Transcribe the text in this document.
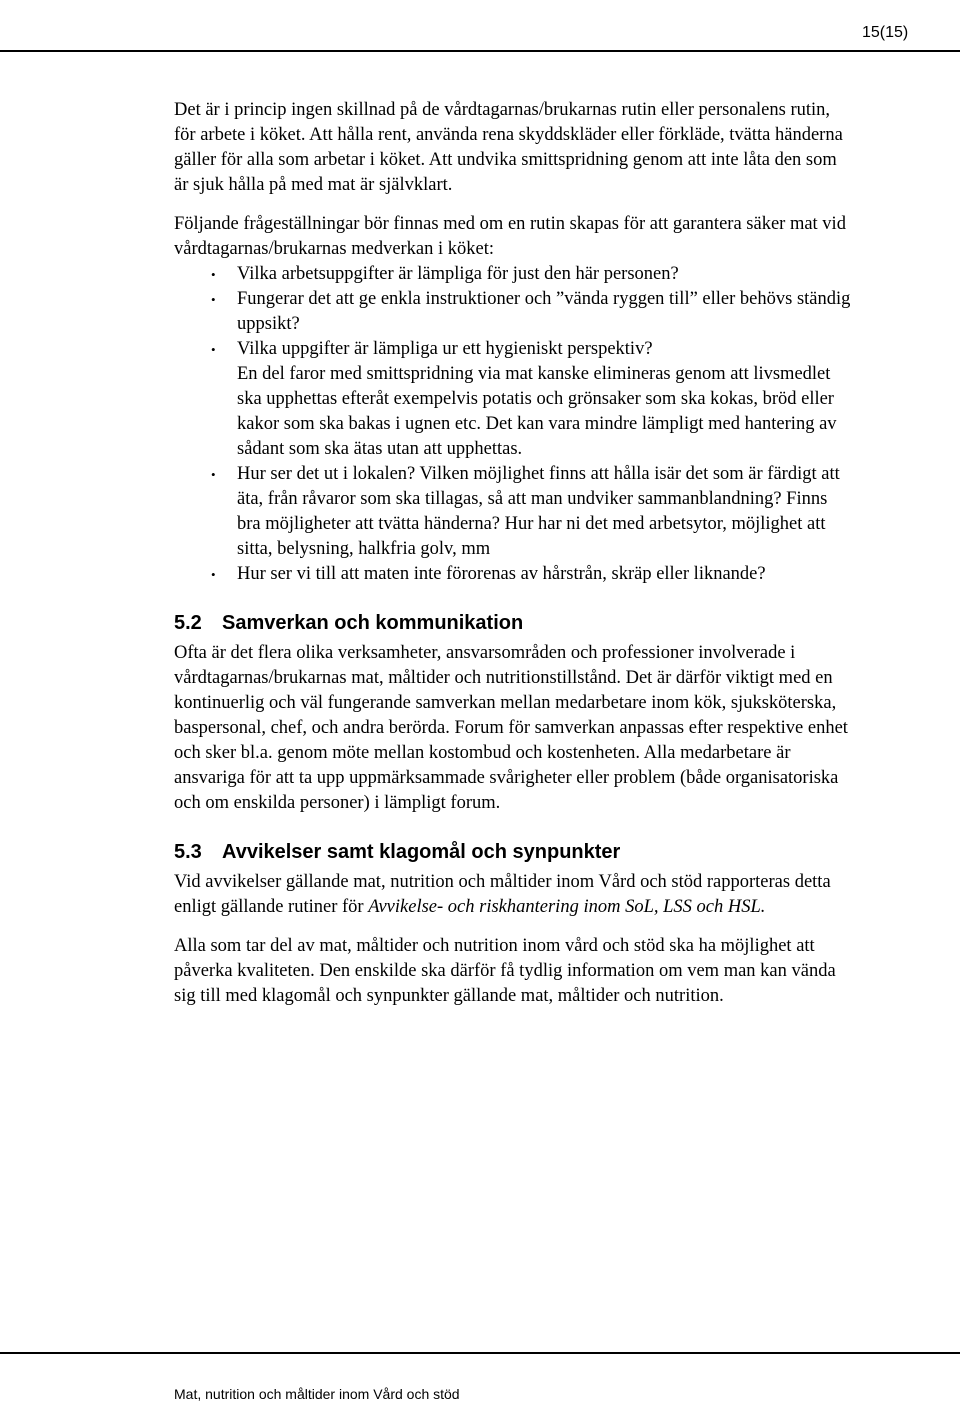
Giltighetstid: 2015-09-08	Version: 1	Gäller för: Vård och stöd
2017-08-31	15(15)

Det är i princip ingen skillnad på de vårdtagarnas/brukarnas rutin eller personalens rutin, för arbete i köket. Att hålla rent, använda rena skyddskläder eller förkläde, tvätta händerna gäller för alla som arbetar i köket. Att undvika smittspridning genom att inte låta den som är sjuk hålla på med mat är självklart.

Följande frågeställningar bör finnas med om en rutin skapas för att garantera säker mat vid vårdtagarnas/brukarnas medverkan i köket:

• Vilka arbetsuppgifter är lämpliga för just den här personen?
• Fungerar det att ge enkla instruktioner och ”vända ryggen till” eller behövs ständig uppsikt?
• Vilka uppgifter är lämpliga ur ett hygieniskt perspektiv?
En del faror med smittspridning via mat kanske elimineras genom att livsmedlet ska upphettas efteråt exempelvis potatis och grönsaker som ska kokas, bröd eller kakor som ska bakas i ugnen etc. Det kan vara mindre lämpligt med hantering av sådant som ska ätas utan att upphettas.
• Hur ser det ut i lokalen? Vilken möjlighet finns att hålla isär det som är färdigt att äta, från råvaror som ska tillagas, så att man undviker sammanblandning? Finns bra möjligheter att tvätta händerna? Hur har ni det med arbetsytor, möjlighet att sitta, belysning, halkfria golv, mm
• Hur ser vi till att maten inte förorenas av hårstrån, skräp eller liknande?
5.2 Samverkan och kommunikation

Ofta är det flera olika verksamheter, ansvarsområden och professioner involverade i vårdtagarnas/brukarnas mat, måltider och nutritionstillstånd. Det är därför viktigt med en kontinuerlig och väl fungerande samverkan mellan medarbetare inom kök, sjuksköterska, baspersonal, chef, och andra berörda. Forum för samverkan anpassas efter respektive enhet och sker bl.a. genom möte mellan kostombud och kostenheten. Alla medarbetare är ansvariga för att ta upp uppmärksammade svårigheter eller problem (både organisatoriska och om enskilda personer) i lämpligt forum.

5.3 Avvikelser samt klagomål och synpunkter

Vid avvikelser gällande mat, nutrition och måltider inom Vård och stöd rapporteras detta enligt gällande rutiner för Avvikelse- och riskhantering inom SoL, LSS och HSL.

Alla som tar del av mat, måltider och nutrition inom vård och stöd ska ha möjlighet att påverka kvaliteten. Den enskilde ska därför få tydlig information om vem man kan vända sig till med klagomål och synpunkter gällande mat, måltider och nutrition.

Mat, nutrition och måltider inom Vård och stöd
